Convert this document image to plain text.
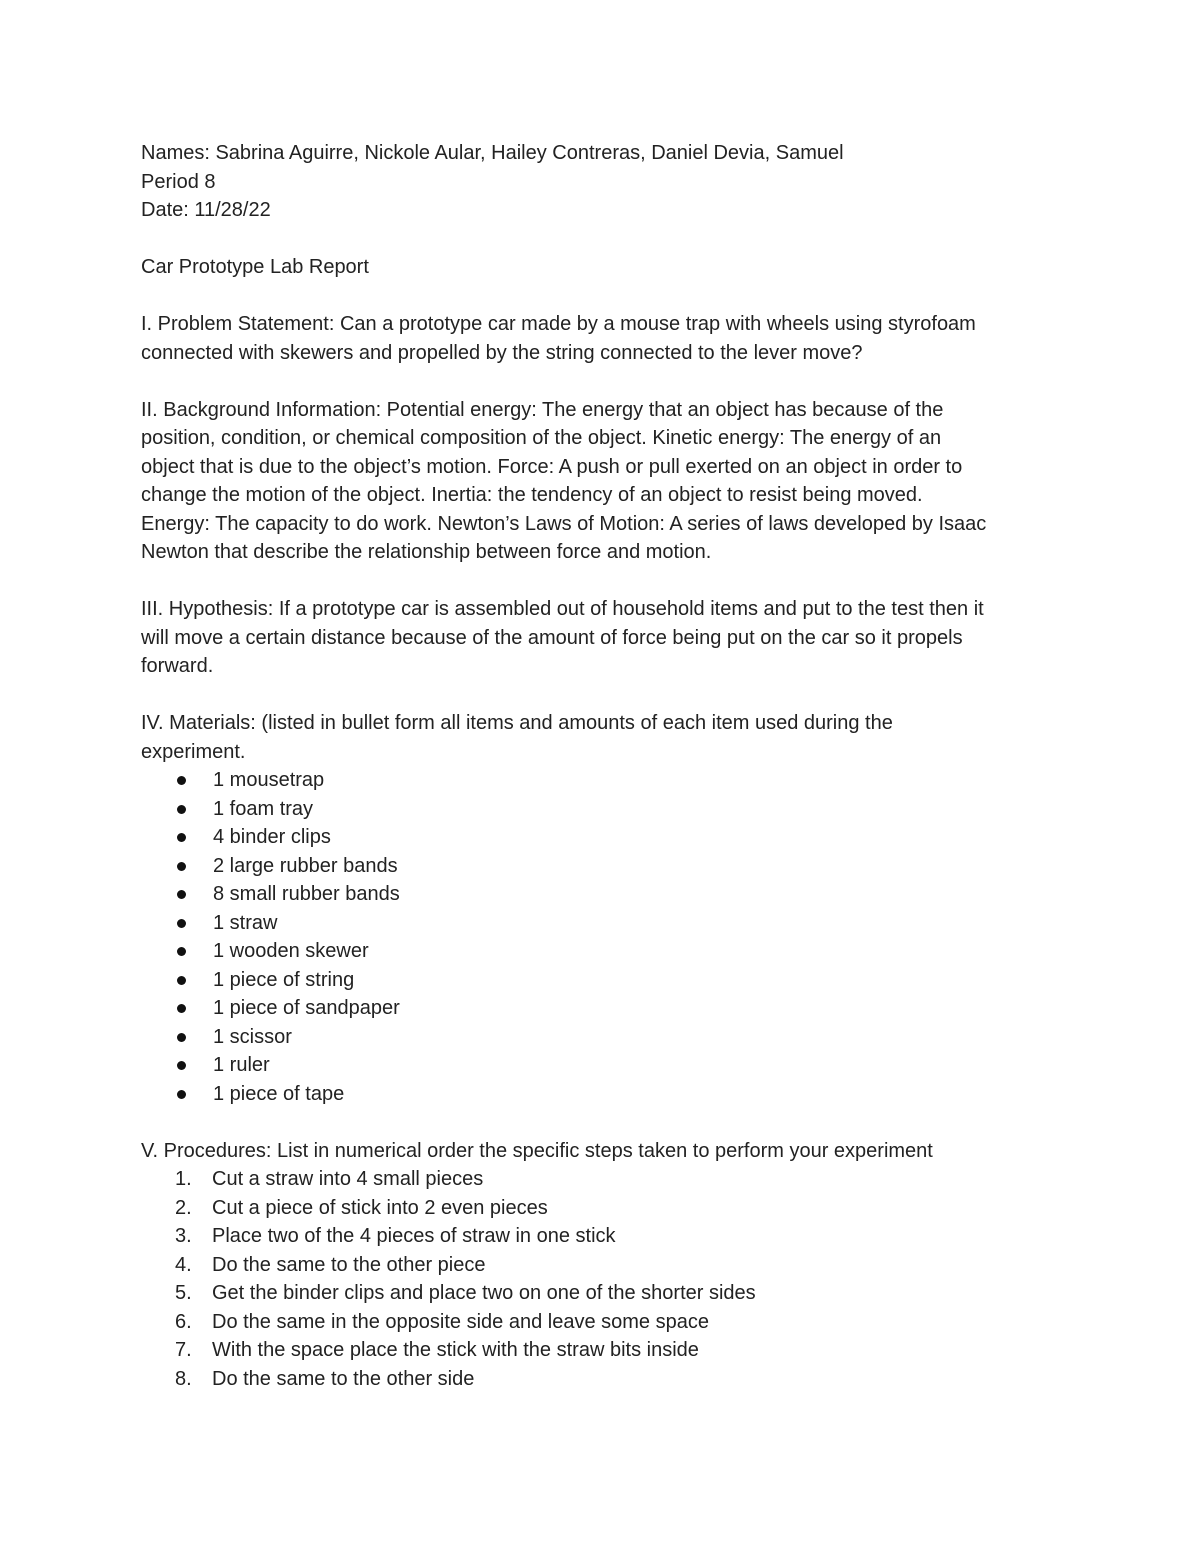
Names: Sabrina Aguirre, Nickole Aular, Hailey Contreras, Daniel Devia, Samuel

Period 8

Date: 11/28/22

Car Prototype Lab Report

I. Problem Statement: Can a prototype car made by a mouse trap with wheels using styrofoam

connected with skewers and propelled by the string connected to the lever move?

II. Background Information: Potential energy: The energy that an object has because of the

position, condition, or chemical composition of the object. Kinetic energy: The energy of an

object that is due to the object’s motion. Force: A push or pull exerted on an object in order to

change the motion of the object. Inertia: the tendency of an object to resist being moved.

Energy: The capacity to do work. Newton’s Laws of Motion: A series of laws developed by Isaac

Newton that describe the relationship between force and motion.

III. Hypothesis: If a prototype car is assembled out of household items and put to the test then it

will move a certain distance because of the amount of force being put on the car so it propels

forward.

IV. Materials: (listed in bullet form all items and amounts of each item used during the

experiment.

1 mousetrap
1 foam tray
4 binder clips
2 large rubber bands
8 small rubber bands
1 straw
1 wooden skewer
1 piece of string
1 piece of sandpaper
1 scissor
1 ruler
1 piece of tape

V. Procedures: List in numerical order the specific steps taken to perform your experiment

1. Cut a straw into 4 small pieces
2. Cut a piece of stick into 2 even pieces
3. Place two of the 4 pieces of straw in one stick
4. Do the same to the other piece
5. Get the binder clips and place two on one of the shorter sides
6. Do the same in the opposite side and leave some space
7. With the space place the stick with the straw bits inside
8. Do the same to the other side
